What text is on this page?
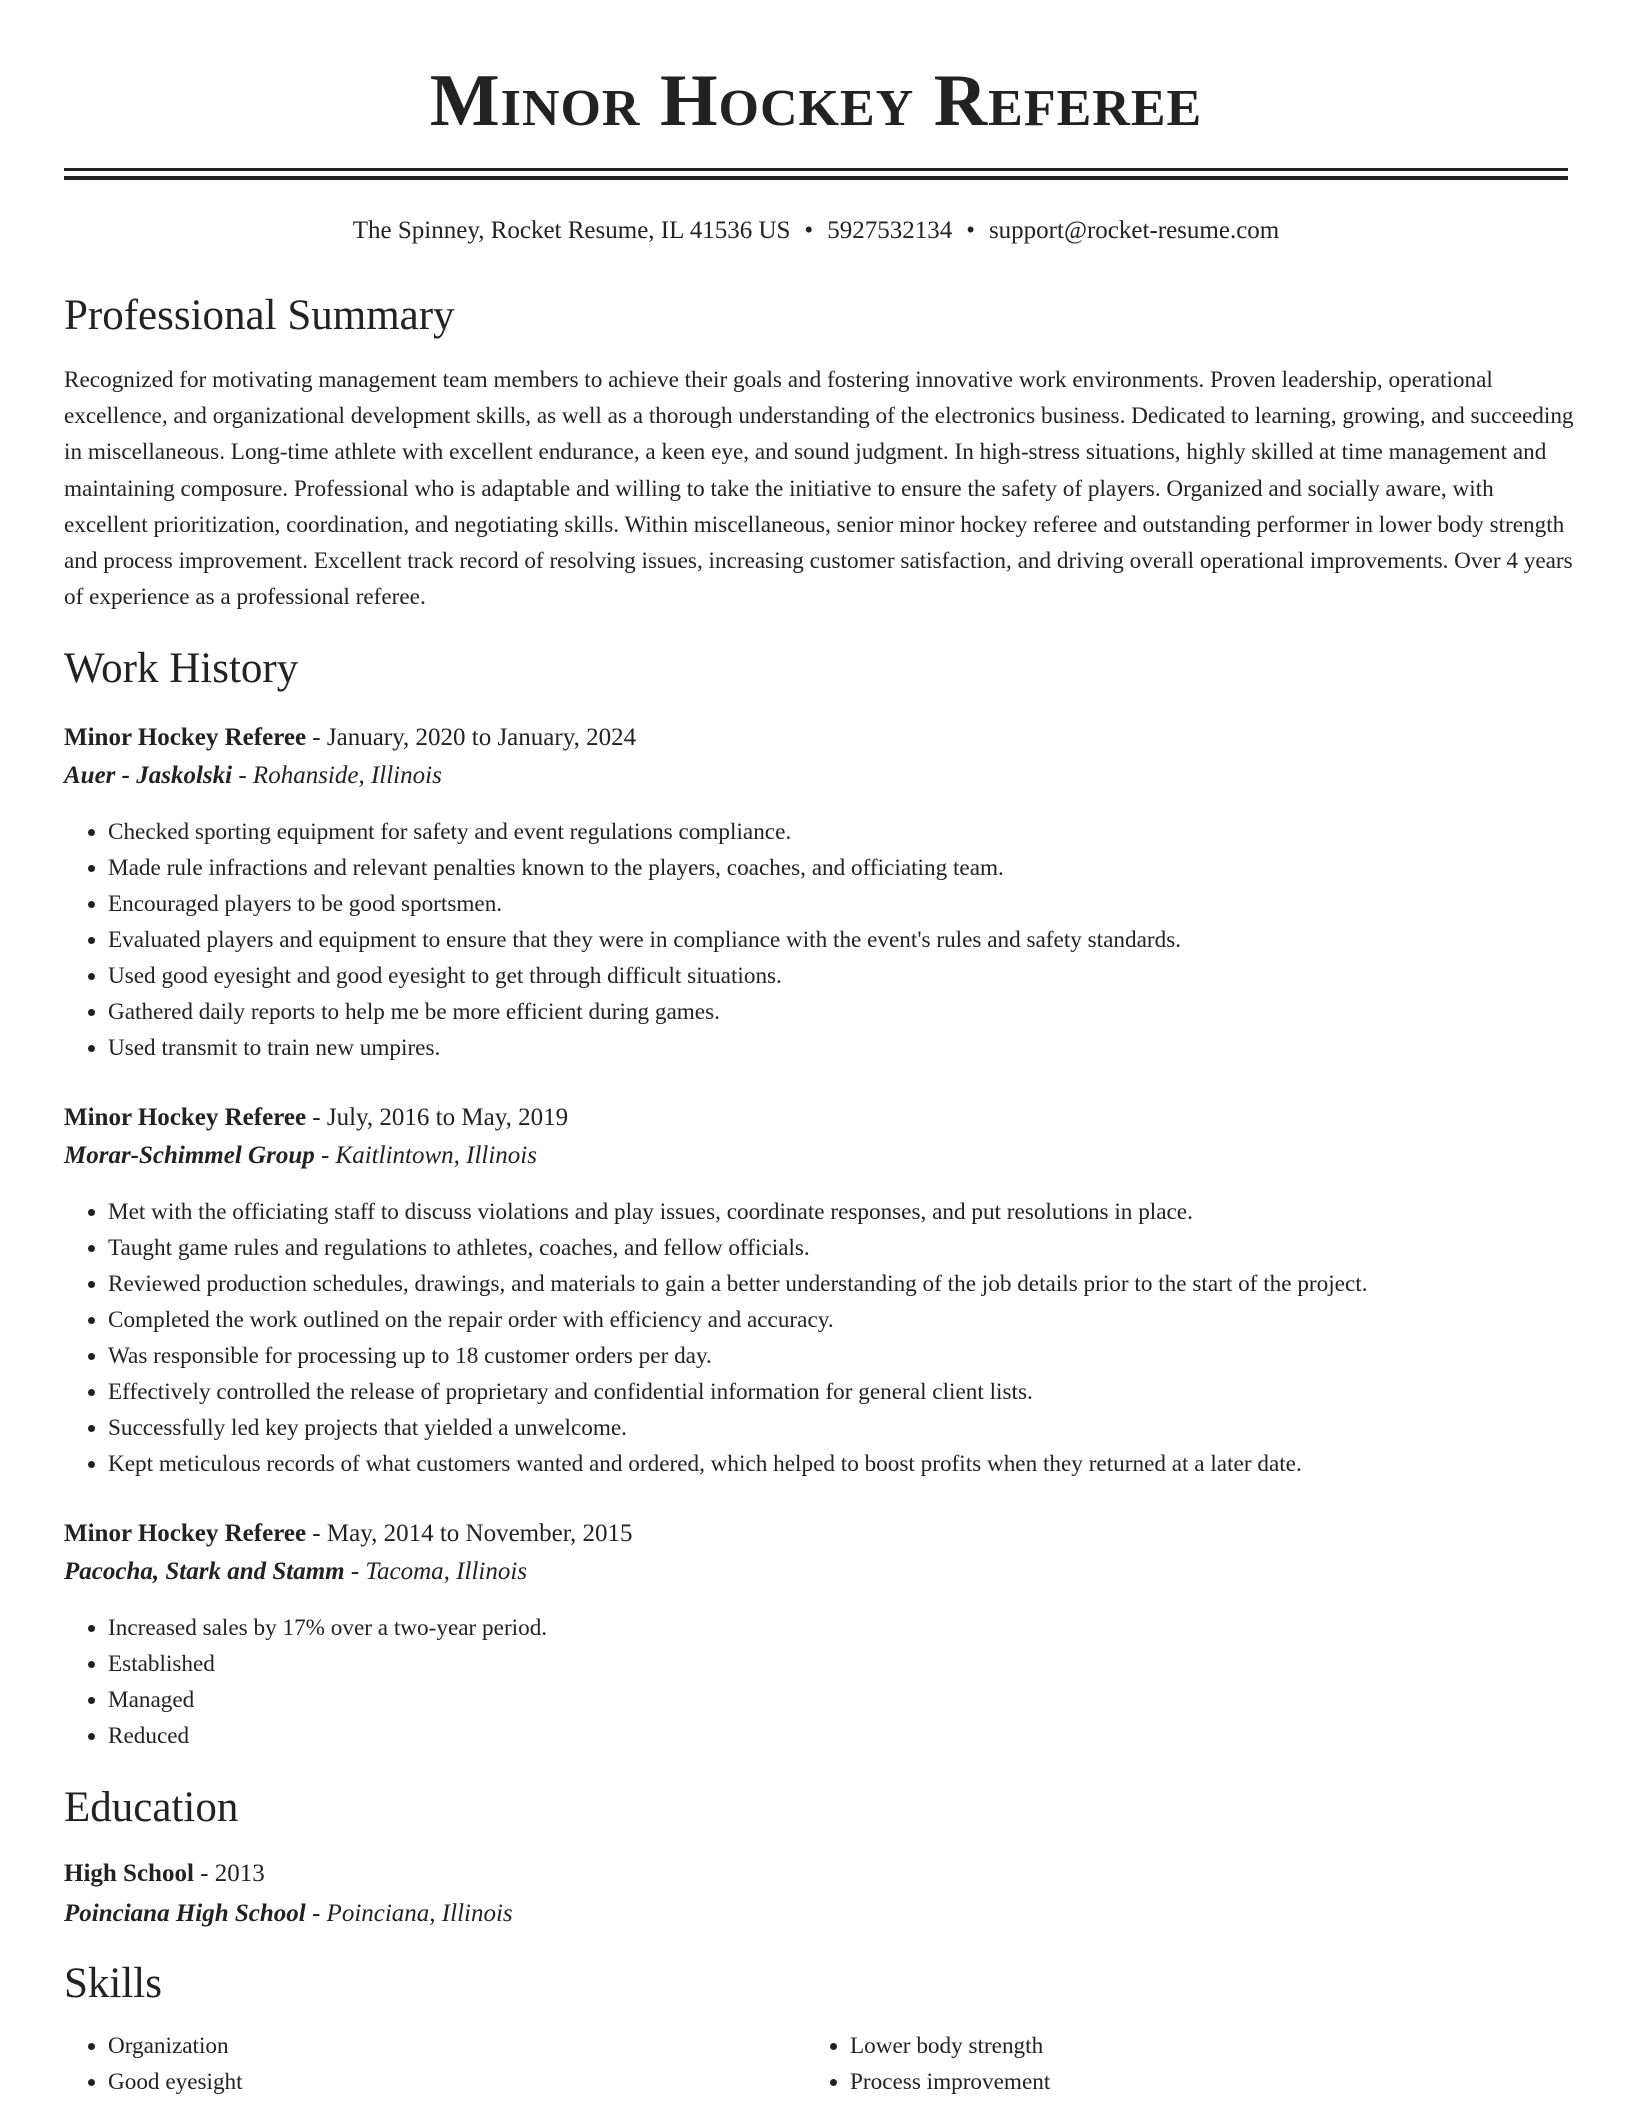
Minor Hockey Referee
The Spinney, Rocket Resume, IL 41536 US • 5927532134 • support@rocket-resume.com
Professional Summary

Recognized for motivating management team members to achieve their goals and fostering innovative work environments. Proven leadership, operational excellence, and organizational development skills, as well as a thorough understanding of the electronics business. Dedicated to learning, growing, and succeeding in miscellaneous. Long-time athlete with excellent endurance, a keen eye, and sound judgment. In high-stress situations, highly skilled at time management and maintaining composure. Professional who is adaptable and willing to take the initiative to ensure the safety of players. Organized and socially aware, with excellent prioritization, coordination, and negotiating skills. Within miscellaneous, senior minor hockey referee and outstanding performer in lower body strength and process improvement. Excellent track record of resolving issues, increasing customer satisfaction, and driving overall operational improvements. Over 4 years of experience as a professional referee.

Work History
Minor Hockey Referee - January, 2020 to January, 2024
Auer - Jaskolski - Rohanside, Illinois
• Checked sporting equipment for safety and event regulations compliance.
• Made rule infractions and relevant penalties known to the players, coaches, and officiating team.
• Encouraged players to be good sportsmen.
• Evaluated players and equipment to ensure that they were in compliance with the event's rules and safety standards.
• Used good eyesight and good eyesight to get through difficult situations.
• Gathered daily reports to help me be more efficient during games.
• Used transmit to train new umpires.
Minor Hockey Referee - July, 2016 to May, 2019
Morar-Schimmel Group - Kaitlintown, Illinois
• Met with the officiating staff to discuss violations and play issues, coordinate responses, and put resolutions in place.
• Taught game rules and regulations to athletes, coaches, and fellow officials.
• Reviewed production schedules, drawings, and materials to gain a better understanding of the job details prior to the start of the project.
• Completed the work outlined on the repair order with efficiency and accuracy.
• Was responsible for processing up to 18 customer orders per day.
• Effectively controlled the release of proprietary and confidential information for general client lists.
• Successfully led key projects that yielded a unwelcome.
• Kept meticulous records of what customers wanted and ordered, which helped to boost profits when they returned at a later date.
Minor Hockey Referee - May, 2014 to November, 2015
Pacocha, Stark and Stamm - Tacoma, Illinois
• Increased sales by 17% over a two-year period.
• Established
• Managed
• Reduced
Education
High School - 2013
Poinciana High School - Poinciana, Illinois
Skills
• Organization
• Good eyesight
• Lower body strength
• Process improvement
